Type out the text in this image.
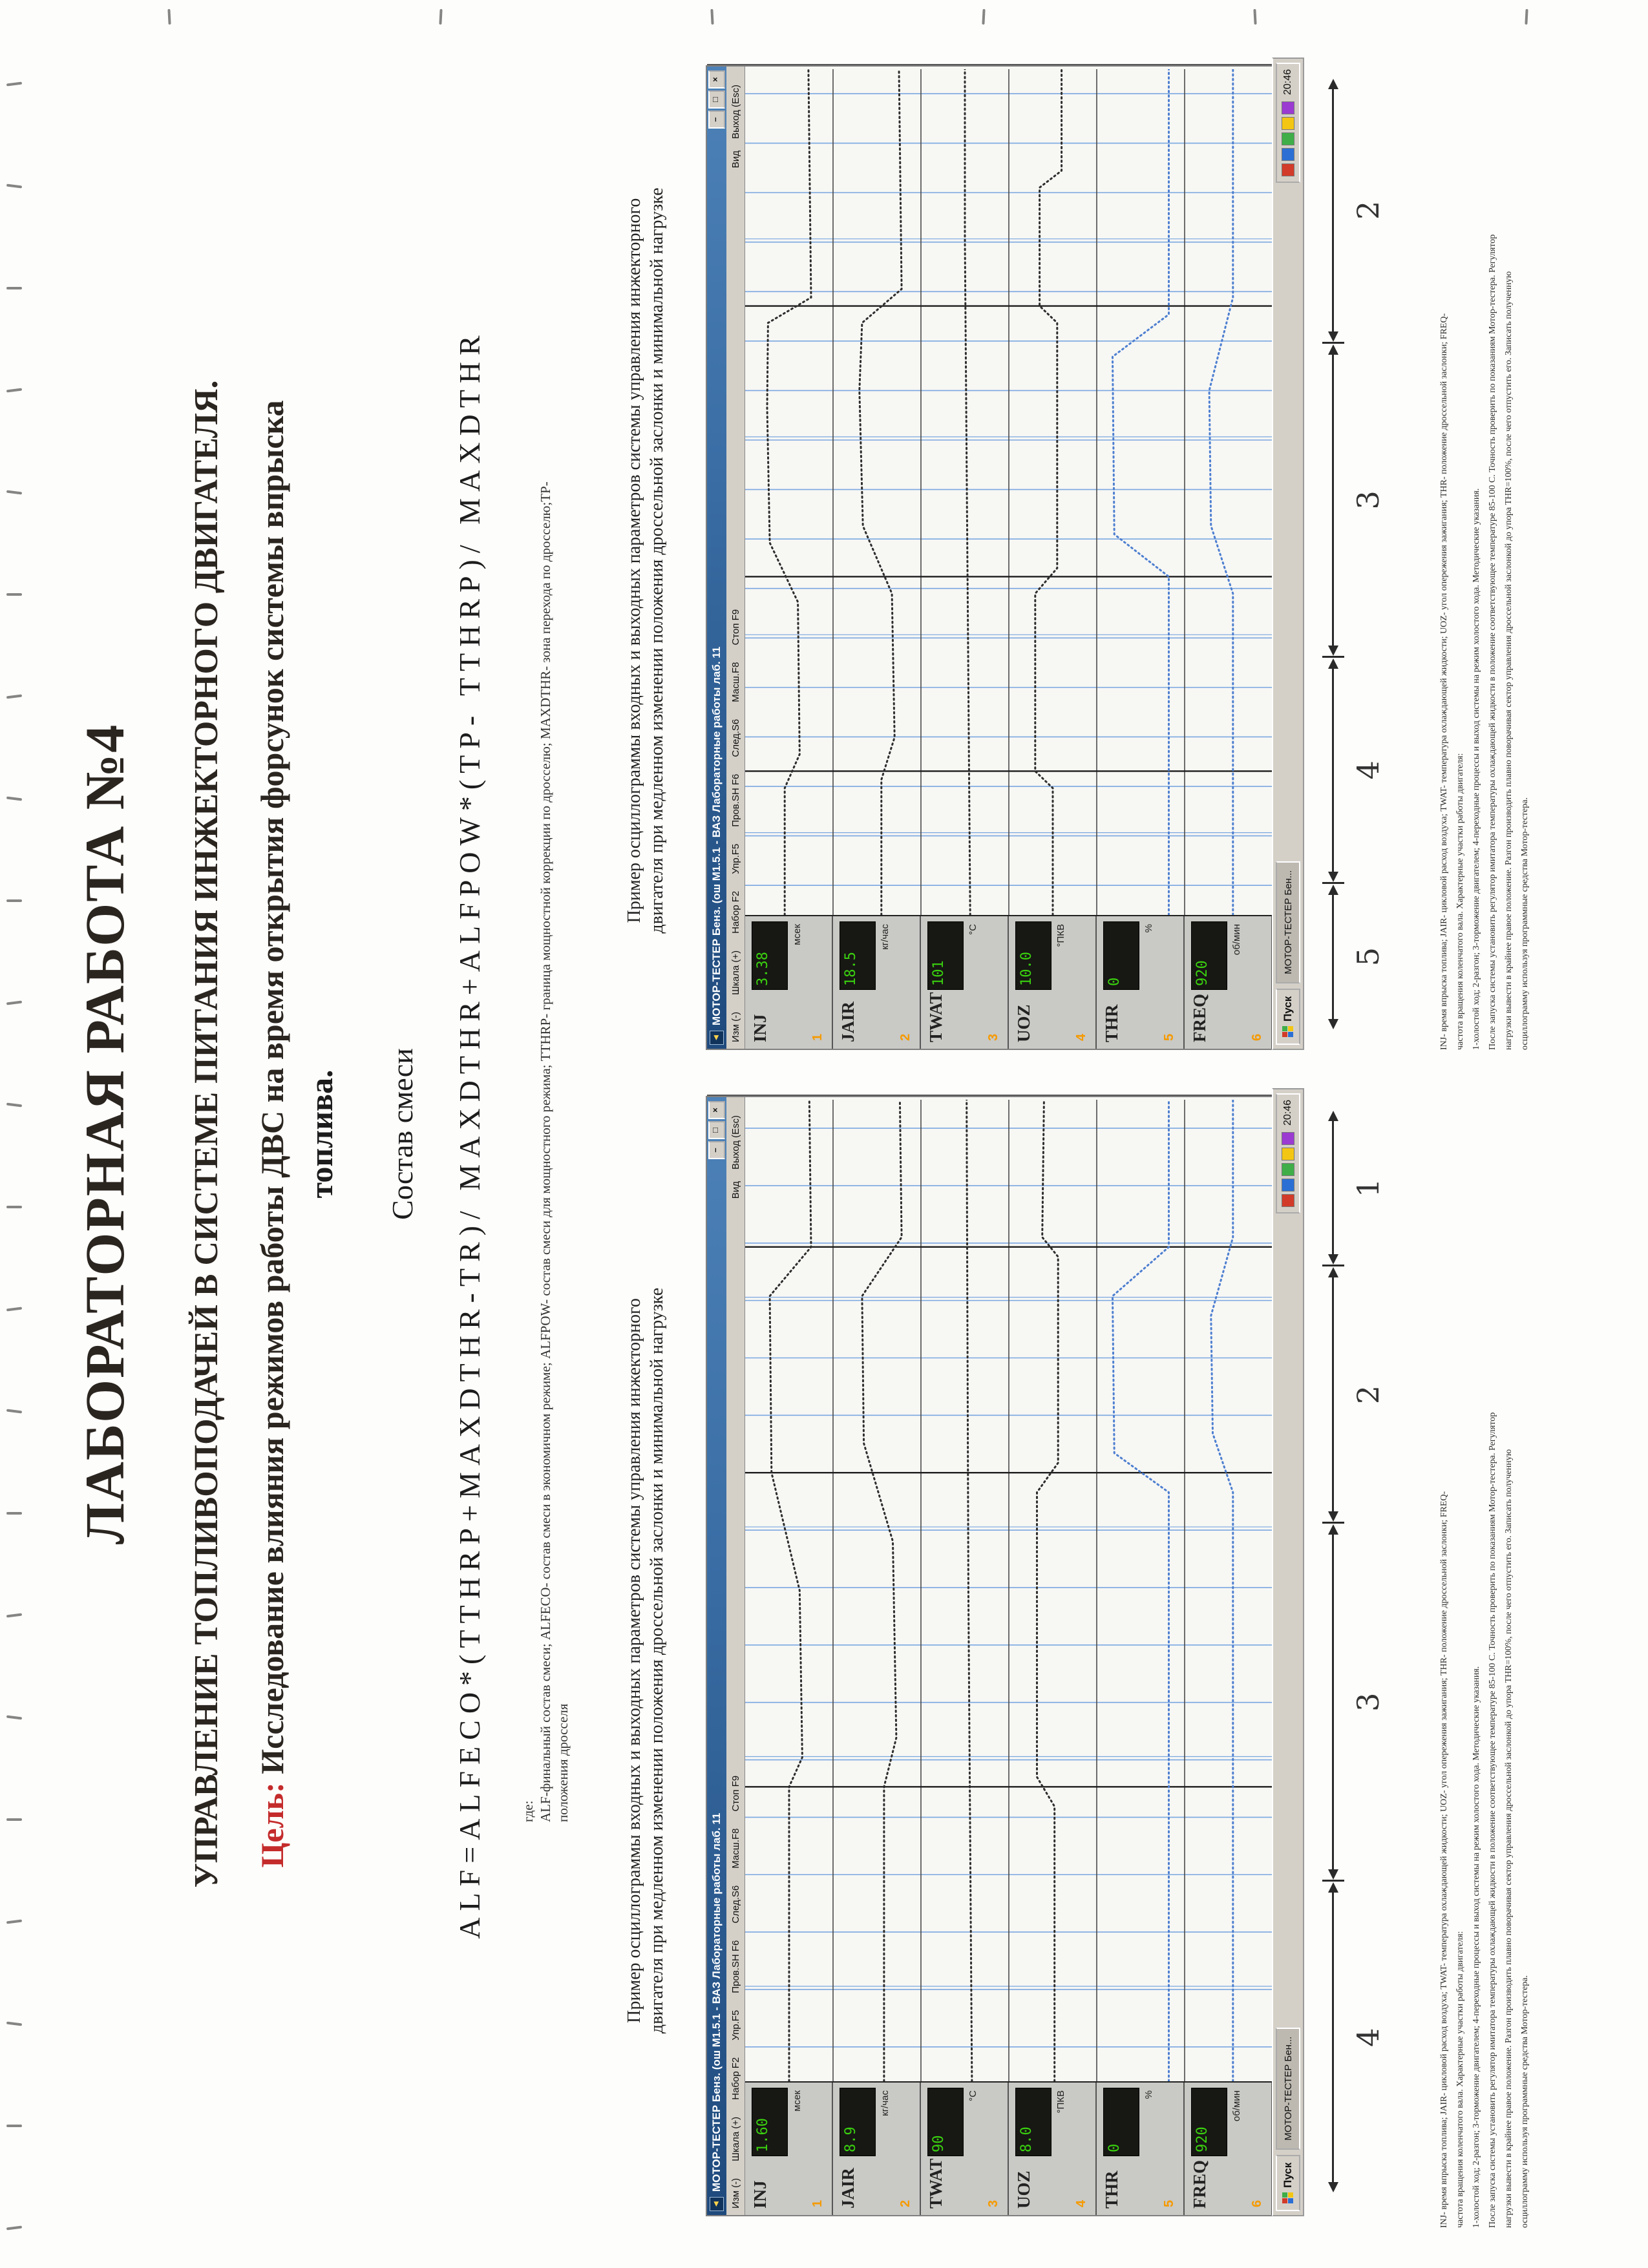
ЛАБОРАТОРНАЯ РАБОТА №4 УПРАВЛЕНИЕ ТОПЛИВОПОДАЧЕЙ В СИСТЕМЕ ПИТАНИЯ ИНЖЕКТОРНОГО ДВИГАТЕЛЯ. Цель: Исследование влияния режимов работы ДВС на время открытия форсунок системы впрыска топлива. Состав смеси ALF=ALFECO*(TTHRP+MAXDTHR-TR)/ MAXDTHR+ALFPOW*(TP- TTHRP)/ MAXDTHR	где: ALF-финальный состав смеси; ALFECO- состав смеси в экономичном режиме; ALFPOW- состав смеси для мощностного режима; TTHRP- граница мощностной коррекции по дросселю; MAXDTHR- зона перехода по дросселю;TP- положения дросселя	Пример осциллограммы входных и выходных параметров системы управления инжекторного двигателя при медленном изменении положения дроссельной заслонки и минимальной нагрузке
Пример осциллограммы входных и выходных параметров системы управления инжекторного двигателя при медленном изменении положения дроссельной заслонки и минимальной нагрузке
◄
МОТОР-ТЕСТЕР Бенз. (ош М1.5.1 - ВАЗ Лабораторные работы лаб. 11
–
□
×
Изм (-)
Шкала (+)
Набор F2
Упр.F5
Пров.SH F6
След.S6
Масш.F8
Стоп F9
Вид
Выход (Esc)
INJ
1.60
мсек
1 JAIR
8.9
кг/час
2 TWAT
90
°C
3 UOZ
8.0
°ПКВ
4 THR
0
%
5 FREQ
920
об/мин
6
◄
МОТОР-ТЕСТЕР Бенз. (ош М1.5.1 - ВАЗ Лабораторные работы лаб. 11
–
□
×
Изм (-)
Шкала (+)
Набор F2
Упр.F5
Пров.SH F6
След.S6
Масш.F8
Стоп F9
Вид
Выход (Esc)
INJ
3.38
мсек
1 JAIR
18.5
кг/час
2 TWAT
101
°C
3 UOZ
10.0
°ПКВ
4 THR
0
%
5 FREQ
920
об/мин
6
Пуск
МОТОР-ТЕСТЕР Бен...
20:46
Пуск
МОТОР-ТЕСТЕР Бен...
20:46
4
3
2
1
5
4
3
2
INJ- время впрыска топлива; JAIR- цикловой расход воздуха; TWAT- температура охлаждающей жидкости; UOZ- угол опережения зажигания; THR- положение дроссельной заслонки; FREQ- частота вращения коленчатого вала. Характерные участки работы двигателя: 1-холостой ход; 2-разгон; 3-торможение двигателем; 4-переходные процессы и выход системы на режим холостого хода. Методические указания. После запуска системы установить регулятор имитатора температуры охлаждающей жидкости в положение соответствующее температуре 85-100 С. Точность проверить по показаниям Мотор-тестера. Регулятор нагрузки вывести в крайнее правое положение. Разгон производить плавно поворачивая сектор управления дроссельной заслонкой до упора THR=100%, после чего отпустить его. Записать полученную осциллограмму используя программные средства Мотор-тестера.
INJ- время впрыска топлива; JAIR- цикловой расход воздуха; TWAT- температура охлаждающей жидкости; UOZ- угол опережения зажигания; THR- положение дроссельной заслонки; FREQ- частота вращения коленчатого вала. Характерные участки работы двигателя: 1-холостой ход; 2-разгон; 3-торможение двигателем; 4-переходные процессы и выход системы на режим холостого хода. Методические указания. После запуска системы установить регулятор имитатора температуры охлаждающей жидкости в положение соответствующее температуре 85-100 С. Точность проверить по показаниям Мотор-тестера. Регулятор нагрузки вывести в крайнее правое положение. Разгон производить плавно поворачивая сектор управления дроссельной заслонкой до упора THR=100%, после чего отпустить его. Записать полученную осциллограмму используя программные средства Мотор-тестера.
